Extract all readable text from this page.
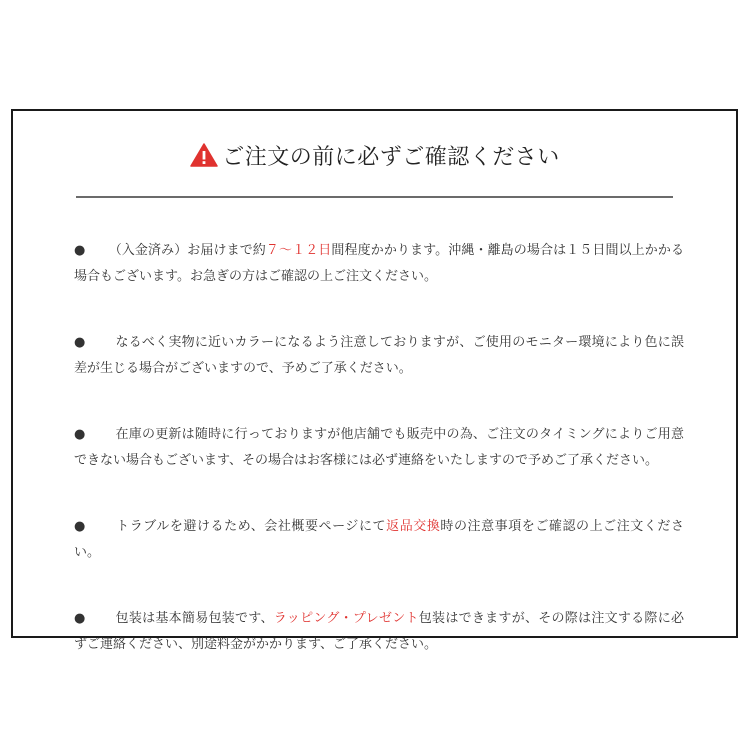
ご注文の前に必ずご確認ください

●　（入金済み）お届けまで約７～１２日間程度かかります。沖縄・離島の場合は１５日間以上かかる場合もございます。お急ぎの方はご確認の上ご注文ください。

●　なるべく実物に近いカラーになるよう注意しておりますが、ご使用のモニター環境により色に誤差が生じる場合がございますので、予めご了承ください。

●　在庫の更新は随時に行っておりますが他店舗でも販売中の為、ご注文のタイミングによりご用意できない場合もございます、その場合はお客様には必ず連絡をいたしますので予めご了承ください。

●　トラブルを避けるため、会社概要ページにて返品交換時の注意事項をご確認の上ご注文ください。

●　包装は基本簡易包装です、ラッピング・プレゼント包装はできますが、その際は注文する際に必ずご連絡ください、別途料金がかかります、ご了承ください。
